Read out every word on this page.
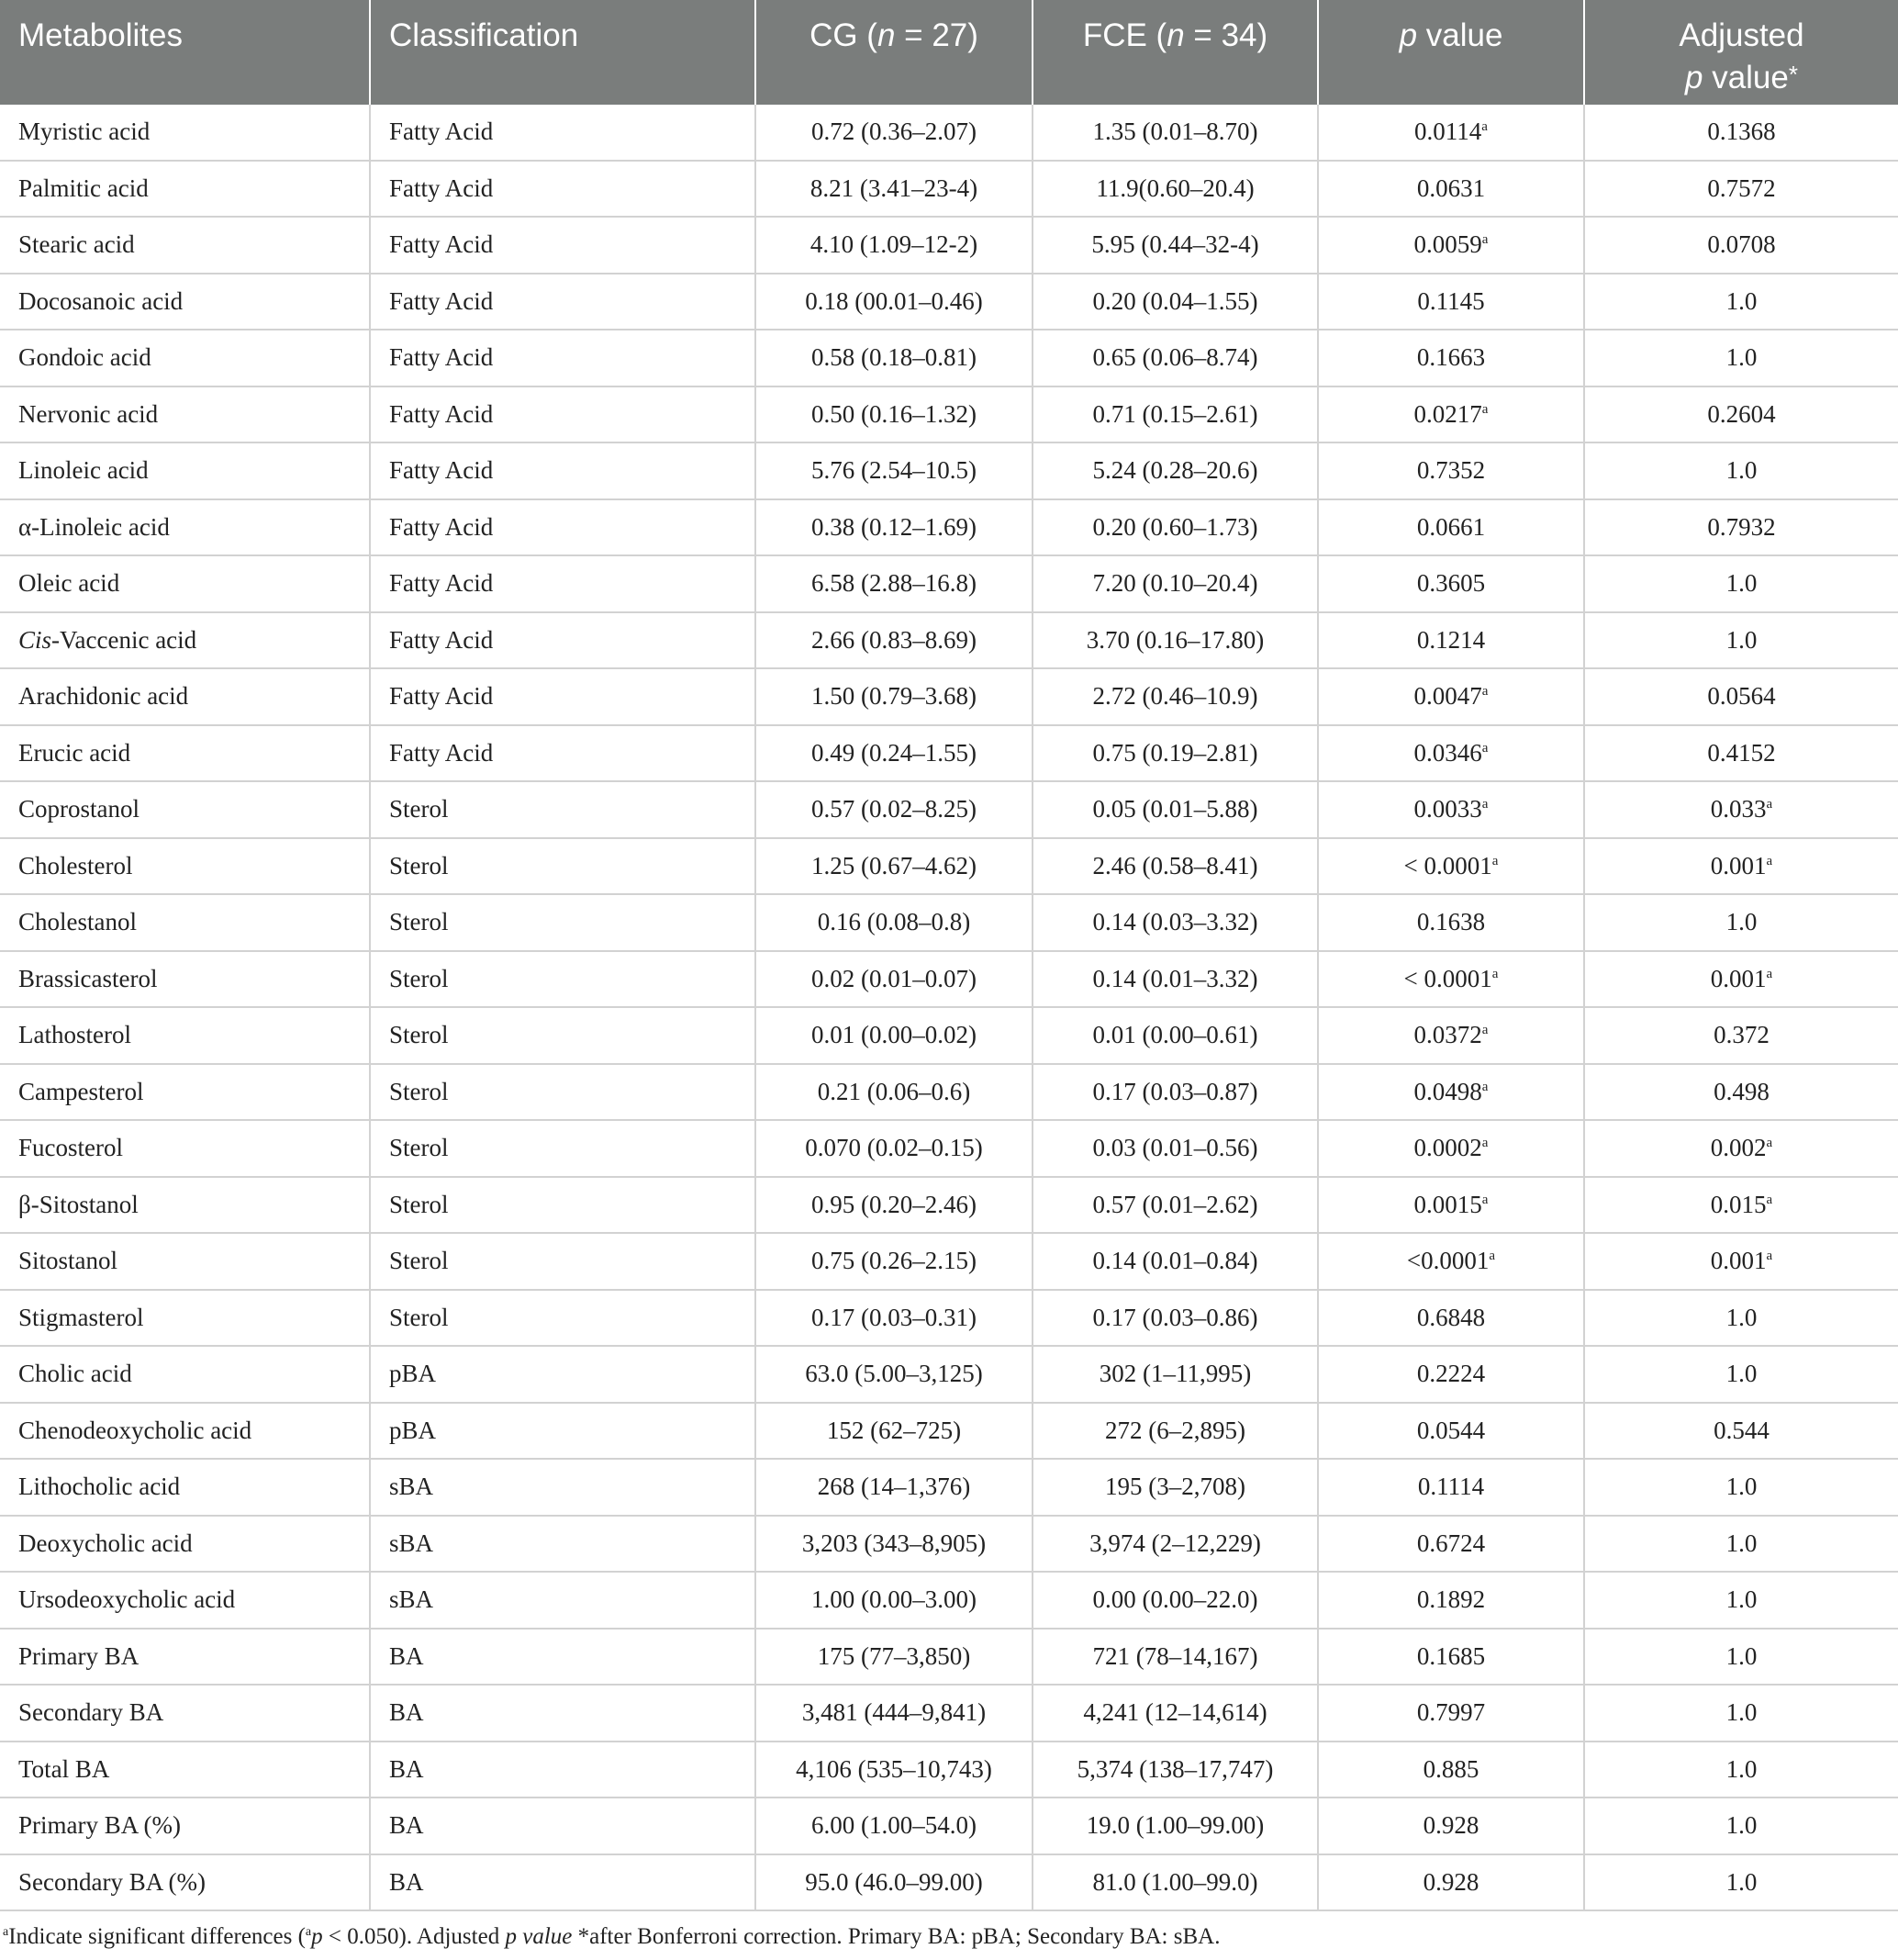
Metabolites	Classification	CG (n = 27)	FCE (n = 34)	p value	Adjusted
p value*

Myristic acid	Fatty Acid	0.72 (0.36–2.07)	1.35 (0.01–8.70)	0.0114$^a$	0.1368
Palmitic acid	Fatty Acid	8.21 (3.41–23-4)	11.9(0.60–20.4)	0.0631	0.7572
Stearic acid	Fatty Acid	4.10 (1.09–12-2)	5.95 (0.44–32-4)	0.0059$^a$	0.0708
Docosanoic acid	Fatty Acid	0.18 (00.01–0.46)	0.20 (0.04–1.55)	0.1145	1.0
Gondoic acid	Fatty Acid	0.58 (0.18–0.81)	0.65 (0.06–8.74)	0.1663	1.0
Nervonic acid	Fatty Acid	0.50 (0.16–1.32)	0.71 (0.15–2.61)	0.0217$^a$	0.2604
Linoleic acid	Fatty Acid	5.76 (2.54–10.5)	5.24 (0.28–20.6)	0.7352	1.0
α-Linoleic acid	Fatty Acid	0.38 (0.12–1.69)	0.20 (0.60–1.73)	0.0661	0.7932
Oleic acid	Fatty Acid	6.58 (2.88–16.8)	7.20 (0.10–20.4)	0.3605	1.0
Cis-Vaccenic acid	Fatty Acid	2.66 (0.83–8.69)	3.70 (0.16–17.80)	0.1214	1.0
Arachidonic acid	Fatty Acid	1.50 (0.79–3.68)	2.72 (0.46–10.9)	0.0047$^a$	0.0564
Erucic acid	Fatty Acid	0.49 (0.24–1.55)	0.75 (0.19–2.81)	0.0346$^a$	0.4152
Coprostanol	Sterol	0.57 (0.02–8.25)	0.05 (0.01–5.88)	0.0033$^a$	0.033$^a$
Cholesterol	Sterol	1.25 (0.67–4.62)	2.46 (0.58–8.41)	< 0.0001$^a$	0.001$^a$
Cholestanol	Sterol	0.16 (0.08–0.8)	0.14 (0.03–3.32)	0.1638	1.0
Brassicasterol	Sterol	0.02 (0.01–0.07)	0.14 (0.01–3.32)	< 0.0001$^a$	0.001$^a$
Lathosterol	Sterol	0.01 (0.00–0.02)	0.01 (0.00–0.61)	0.0372$^a$	0.372
Campesterol	Sterol	0.21 (0.06–0.6)	0.17 (0.03–0.87)	0.0498$^a$	0.498
Fucosterol	Sterol	0.070 (0.02–0.15)	0.03 (0.01–0.56)	0.0002$^a$	0.002$^a$
β-Sitostanol	Sterol	0.95 (0.20–2.46)	0.57 (0.01–2.62)	0.0015$^a$	0.015$^a$
Sitostanol	Sterol	0.75 (0.26–2.15)	0.14 (0.01–0.84)	<0.0001$^a$	0.001$^a$
Stigmasterol	Sterol	0.17 (0.03–0.31)	0.17 (0.03–0.86)	0.6848	1.0
Cholic acid	pBA	63.0 (5.00–3,125)	302 (1–11,995)	0.2224	1.0
Chenodeoxycholic acid	pBA	152 (62–725)	272 (6–2,895)	0.0544	0.544
Lithocholic acid	sBA	268 (14–1,376)	195 (3–2,708)	0.1114	1.0
Deoxycholic acid	sBA	3,203 (343–8,905)	3,974 (2–12,229)	0.6724	1.0
Ursodeoxycholic acid	sBA	1.00 (0.00–3.00)	0.00 (0.00–22.0)	0.1892	1.0
Primary BA	BA	175 (77–3,850)	721 (78–14,167)	0.1685	1.0
Secondary BA	BA	3,481 (444–9,841)	4,241 (12–14,614)	0.7997	1.0
Total BA	BA	4,106 (535–10,743)	5,374 (138–17,747)	0.885	1.0
Primary BA (%)	BA	6.00 (1.00–54.0)	19.0 (1.00–99.00)	0.928	1.0
Secondary BA (%)	BA	95.0 (46.0–99.00)	81.0 (1.00–99.0)	0.928	1.0
$^a$Indicate significant differences ($^a$p < 0.050). Adjusted p value *after Bonferroni correction. Primary BA: pBA; Secondary BA: sBA.
